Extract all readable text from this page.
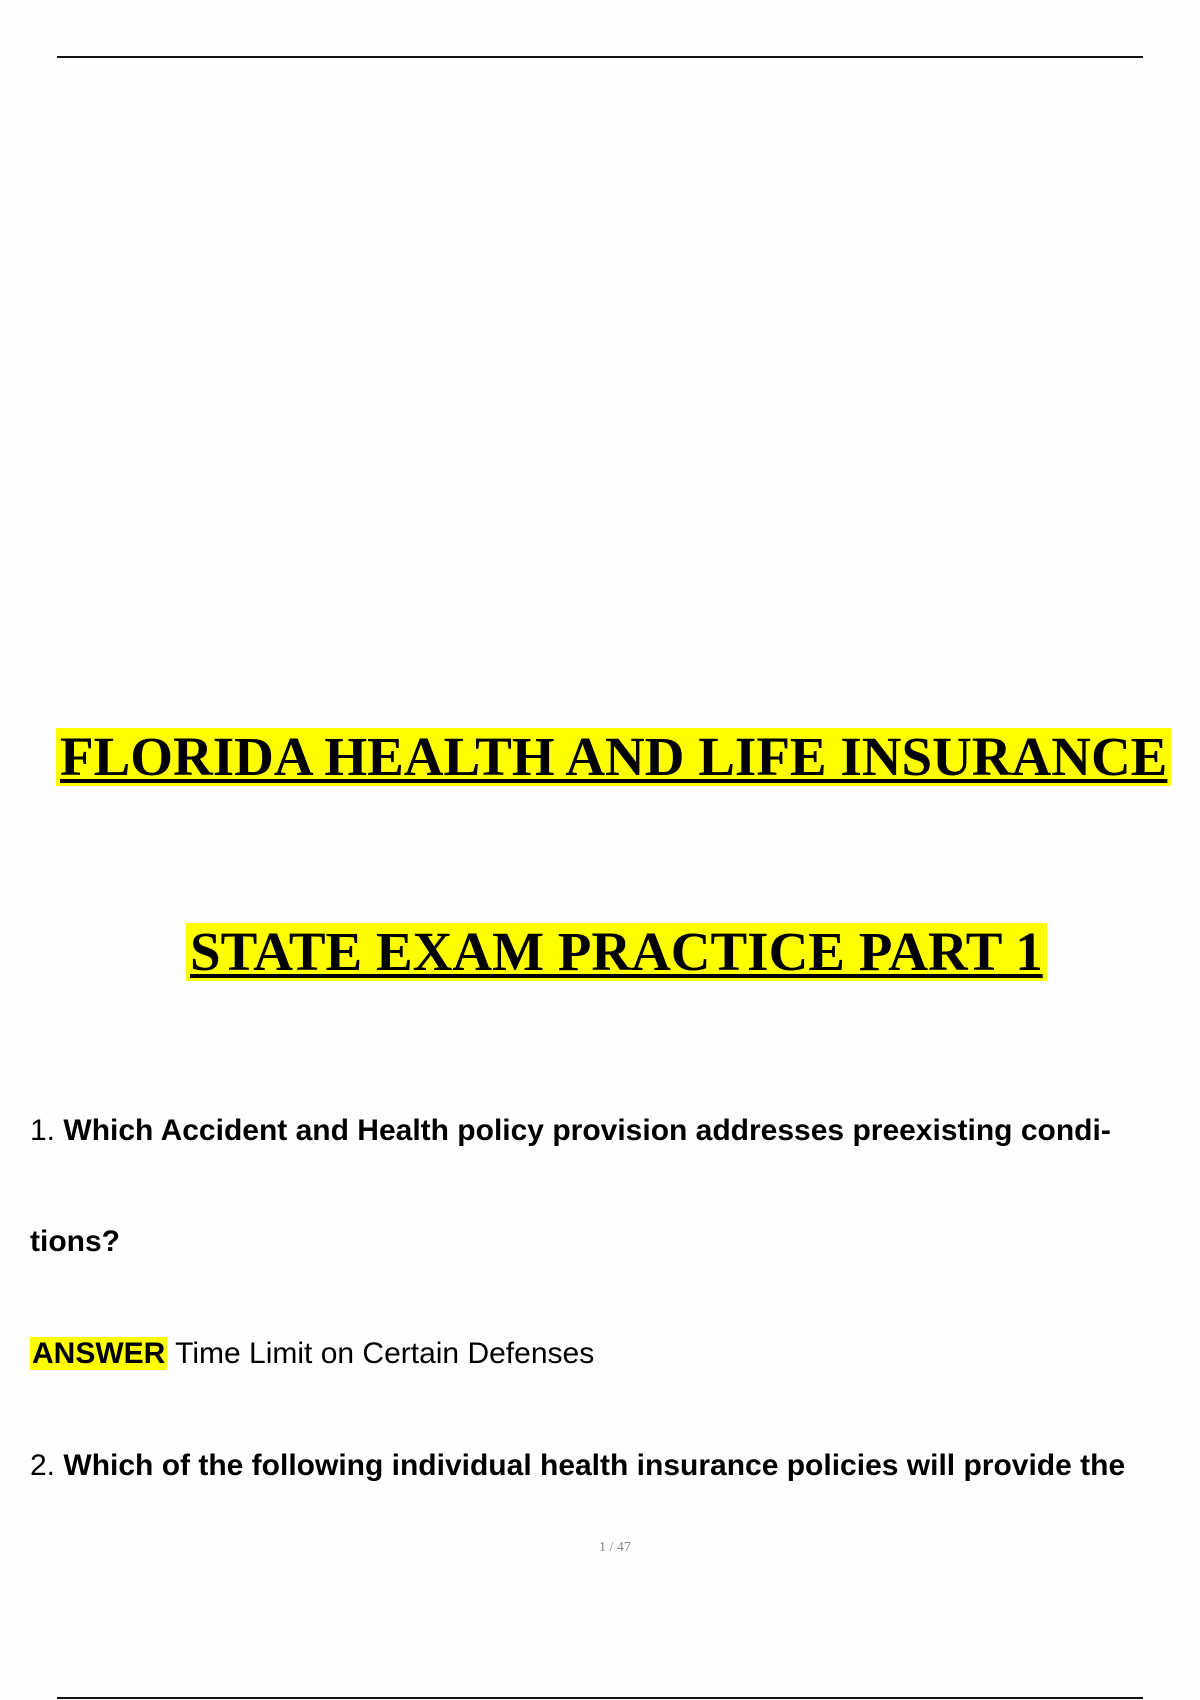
FLORIDA HEALTH AND LIFE INSURANCE
STATE EXAM PRACTICE PART 1
1. Which Accident and Health policy provision addresses preexisting condi-
tions?
ANSWER Time Limit on Certain Defenses
2. Which of the following individual health insurance policies will provide the
1 / 47
